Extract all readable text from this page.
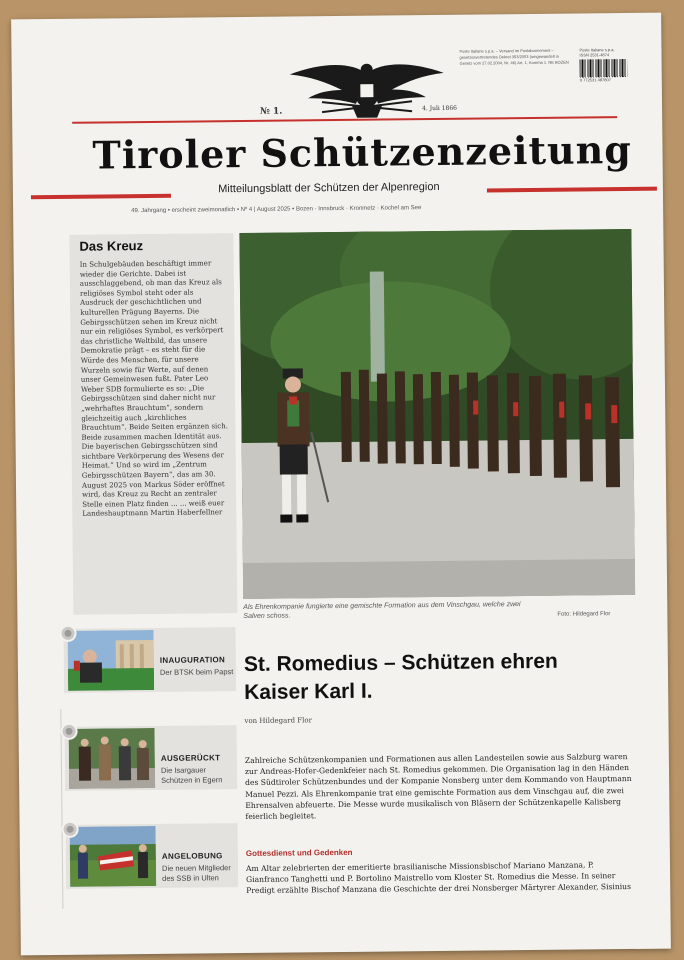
Poste Italiane s.p.a. – Versand im Postabonnement – gesetzesvertretendes Dekret 353/2003 (umgewandelt in Gesetz vom 27.02.2004, Nr. 46) Art. 1, Komma 1, NE BOZEN
Poste Italiane s.p.a.
ISSN 2531-4874
9 772531 487807
№ 1.	4. Juli 1866
Tiroler Schützenzeitung
Mitteilungsblatt der Schützen der Alpenregion
49. Jahrgang • erscheint zweimonatlich • Nº 4 | August 2025 • Bozen · Innsbruck · Kronmetz · Kochel am See
Das Kreuz

In Schulgebäuden beschäftigt immer wieder die Gerichte. Dabei ist ausschlaggebend, ob man das Kreuz als religiöses Symbol steht oder als Ausdruck der geschichtlichen und kulturellen Prägung Bayerns. Die Gebirgsschützen sehen im Kreuz nicht nur ein religiöses Symbol, es verkörpert das christliche Weltbild, das unsere Demokratie prägt – es steht für die Würde des Menschen, für unsere Wurzeln sowie für Werte, auf denen unser Gemeinwesen fußt. Pater Leo Weber SDB formulierte es so: „Die Gebirgsschützen sind daher nicht nur „wehrhaftes Brauchtum“, sondern gleichzeitig auch „kirchliches Brauchtum“. Beide Seiten ergänzen sich. Beide zusammen machen Identität aus. Die bayerischen Gebirgsschützen sind sichtbare Verkörperung des Wesens der Heimat.“ Und so wird im „Zentrum Gebirgsschützen Bayern“, das am 30. August 2025 von Markus Söder eröffnet wird, das Kreuz zu Recht an zentraler Stelle einen Platz finden ... ... weiß euer Landeshauptmann Martin Haberfellner

Als Ehrenkompanie fungierte eine gemischte Formation aus dem Vinschgau, welche zwei Salven schoss.	Foto: Hildegard Flor
INAUGURATION
Der BTSK beim Papst
AUSGERÜCKT
Die Isargauer Schützen in Egern
ANGELOBUNG
Die neuen Mitglieder des SSB in Ulten
St. Romedius – Schützen ehren Kaiser Karl I.
von Hildegard Flor

Zahlreiche Schützenkompanien und Formationen aus allen Landesteilen sowie aus Salzburg waren zur Andreas-Hofer-Gedenkfeier nach St. Romedius gekommen. Die Organisation lag in den Händen des Südtiroler Schützenbundes und der Kompanie Nonsberg unter dem Kommando von Hauptmann Manuel Pezzi. Als Ehrenkompanie trat eine gemischte Formation aus dem Vinschgau auf, die zwei Ehrensalven abfeuerte. Die Messe wurde musikalisch von Bläsern der Schützenkapelle Kalisberg feierlich begleitet.

Gottesdienst und Gedenken

Am Altar zelebrierten der emeritierte brasilianische Missionsbischof Mariano Manzana, P. Gianfranco Tanghetti und P. Bortolino Maistrello vom Kloster St. Romedius die Messe. In seiner Predigt erzählte Bischof Manzana die Geschichte der drei Nonsberger Märtyrer Alexander, Sisinius
